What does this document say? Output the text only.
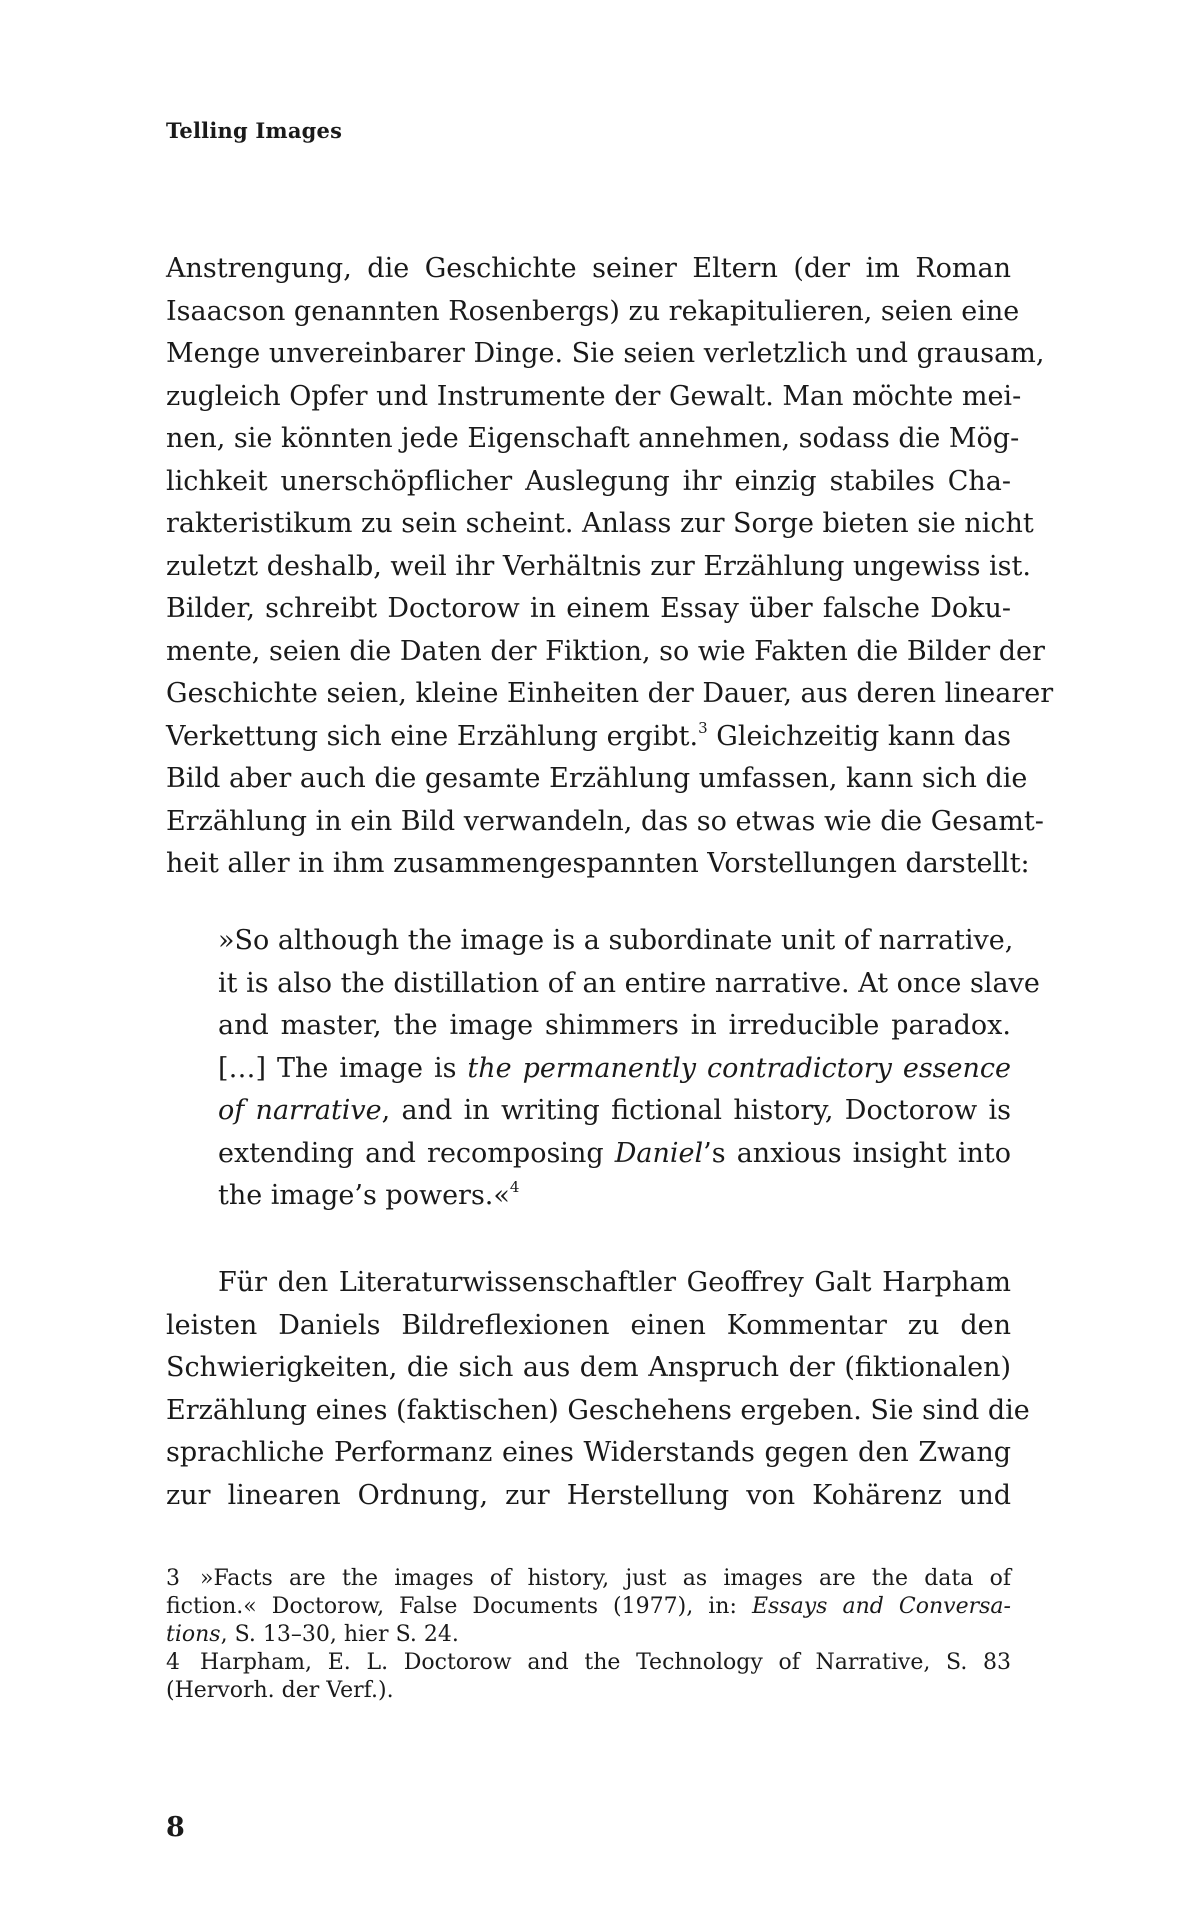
Telling Images
Anstrengung, die Geschichte seiner Eltern (der im Roman
Isaacson genannten Rosenbergs) zu rekapitulieren, seien eine
Menge unvereinbarer Dinge. Sie seien verletzlich und grausam,
zugleich Opfer und Instrumente der Gewalt. Man möchte mei-
nen, sie könnten jede Eigenschaft annehmen, sodass die Mög-
lichkeit unerschöpflicher Auslegung ihr einzig stabiles Cha-
rakteristikum zu sein scheint. Anlass zur Sorge bieten sie nicht
zuletzt deshalb, weil ihr Verhältnis zur Erzählung ungewiss ist.
Bilder, schreibt Doctorow in einem Essay über falsche Doku-
mente, seien die Daten der Fiktion, so wie Fakten die Bilder der
Geschichte seien, kleine Einheiten der Dauer, aus deren linearer
Verkettung sich eine Erzählung ergibt.$^3$ Gleichzeitig kann das
Bild aber auch die gesamte Erzählung umfassen, kann sich die
Erzählung in ein Bild verwandeln, das so etwas wie die Gesamt-
heit aller in ihm zusammengespannten Vorstellungen darstellt:
»So although the image is a subordinate unit of narrative,
it is also the distillation of an entire narrative. At once slave
and master, the image shimmers in irreducible paradox.
[…] The image is the permanently contradictory essence
of narrative, and in writing fictional history, Doctorow is
extending and recomposing Daniel’s anxious insight into
the image’s powers.«$^4$
Für den Literaturwissenschaftler Geoffrey Galt Harpham
leisten Daniels Bildreflexionen einen Kommentar zu den
Schwierigkeiten, die sich aus dem Anspruch der (fiktionalen)
Erzählung eines (faktischen) Geschehens ergeben. Sie sind die
sprachliche Performanz eines Widerstands gegen den Zwang
zur linearen Ordnung, zur Herstellung von Kohärenz und
3 »Facts are the images of history, just as images are the data of
fiction.« Doctorow, False Documents (1977), in: Essays and Conversa-
tions, S. 13–30, hier S. 24.
4 Harpham, E. L. Doctorow and the Technology of Narrative, S. 83
(Hervorh. der Verf.).
8
